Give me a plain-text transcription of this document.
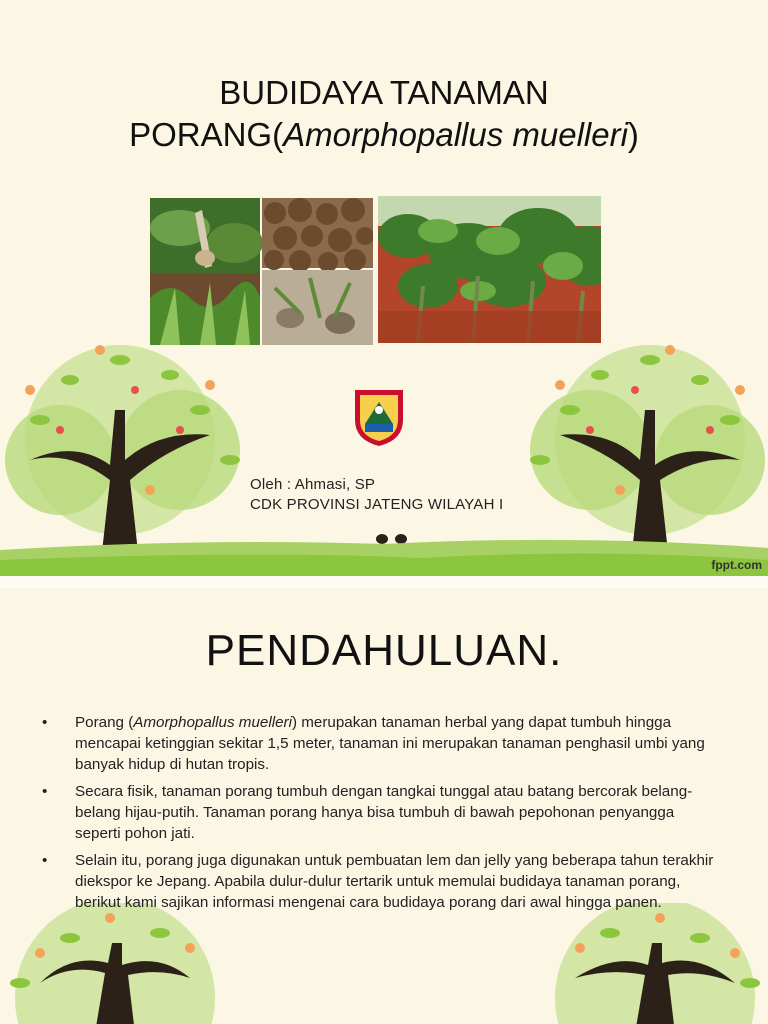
BUDIDAYA TANAMAN
PORANG(Amorphopallus muelleri)
Oleh : Ahmasi, SP
CDK PROVINSI JATENG WILAYAH I
fppt.com
PENDAHULUAN.
• Porang (Amorphopallus muelleri) merupakan tanaman herbal yang dapat tumbuh hingga mencapai ketinggian sekitar 1,5 meter, tanaman ini merupakan tanaman penghasil umbi yang banyak hidup di hutan tropis.
• Secara fisik, tanaman porang tumbuh dengan tangkai tunggal atau batang bercorak belang-belang hijau-putih. Tanaman porang hanya bisa tumbuh di bawah pepohonan penyangga seperti pohon jati.
• Selain itu, porang juga digunakan untuk pembuatan lem dan jelly yang beberapa tahun terakhir diekspor ke Jepang. Apabila dulur-dulur tertarik untuk memulai budidaya tanaman porang, berikut kami sajikan informasi mengenai cara budidaya porang dari awal hingga panen.
